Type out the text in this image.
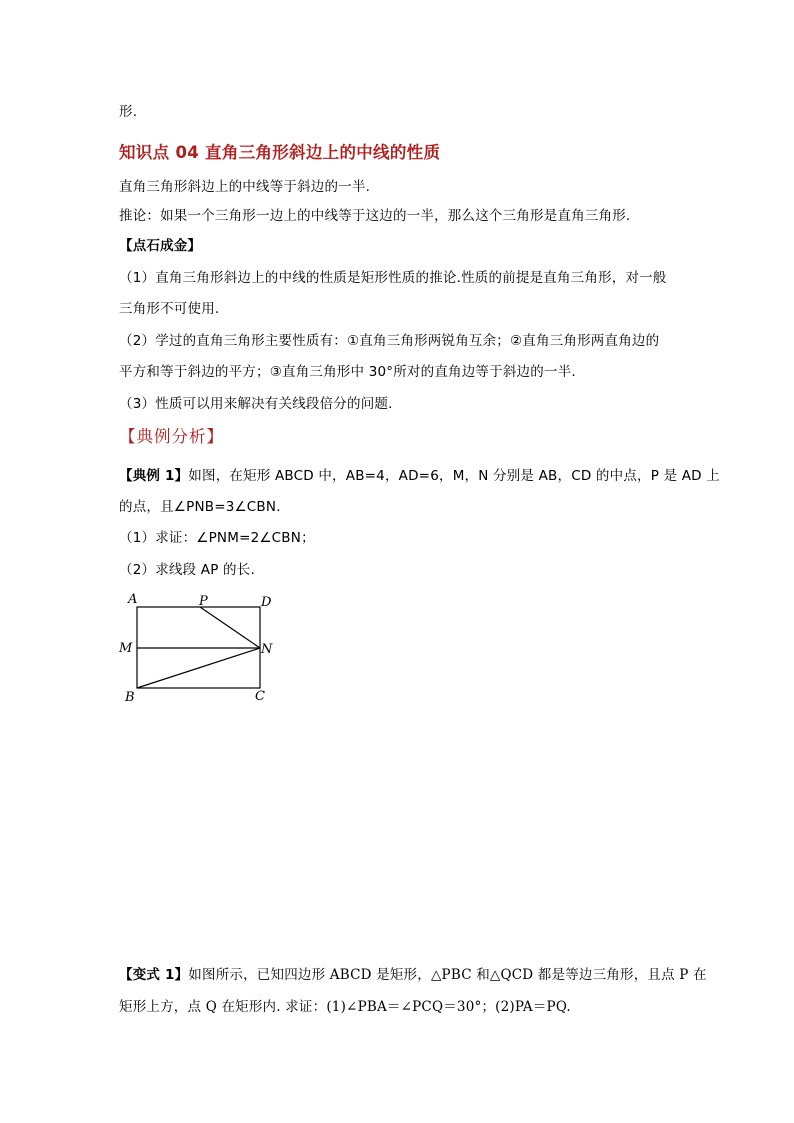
形.
知识点 04 直角三角形斜边上的中线的性质
直角三角形斜边上的中线等于斜边的一半.
推论：如果一个三角形一边上的中线等于这边的一半，那么这个三角形是直角三角形.
【点石成金】
（1）直角三角形斜边上的中线的性质是矩形性质的推论.性质的前提是直角三角形，对一般
三角形不可使用.
（2）学过的直角三角形主要性质有：①直角三角形两锐角互余；②直角三角形两直角边的
平方和等于斜边的平方；③直角三角形中 30°所对的直角边等于斜边的一半.
（3）性质可以用来解决有关线段倍分的问题.
【典例分析】
【典例 1】如图，在矩形 ABCD 中，AB=4，AD=6，M，N 分别是 AB，CD 的中点，P 是 AD 上
的点，且∠PNB=3∠CBN.
（1）求证：∠PNM=2∠CBN；
（2）求线段 AP 的长.
A	P	D
M	N
B	C
【变式 1】如图所示，已知四边形 ABCD 是矩形，△PBC 和△QCD 都是等边三角形，且点 P 在
矩形上方，点 Q 在矩形内. 求证：(1)∠PBA＝∠PCQ＝30°；(2)PA＝PQ.
